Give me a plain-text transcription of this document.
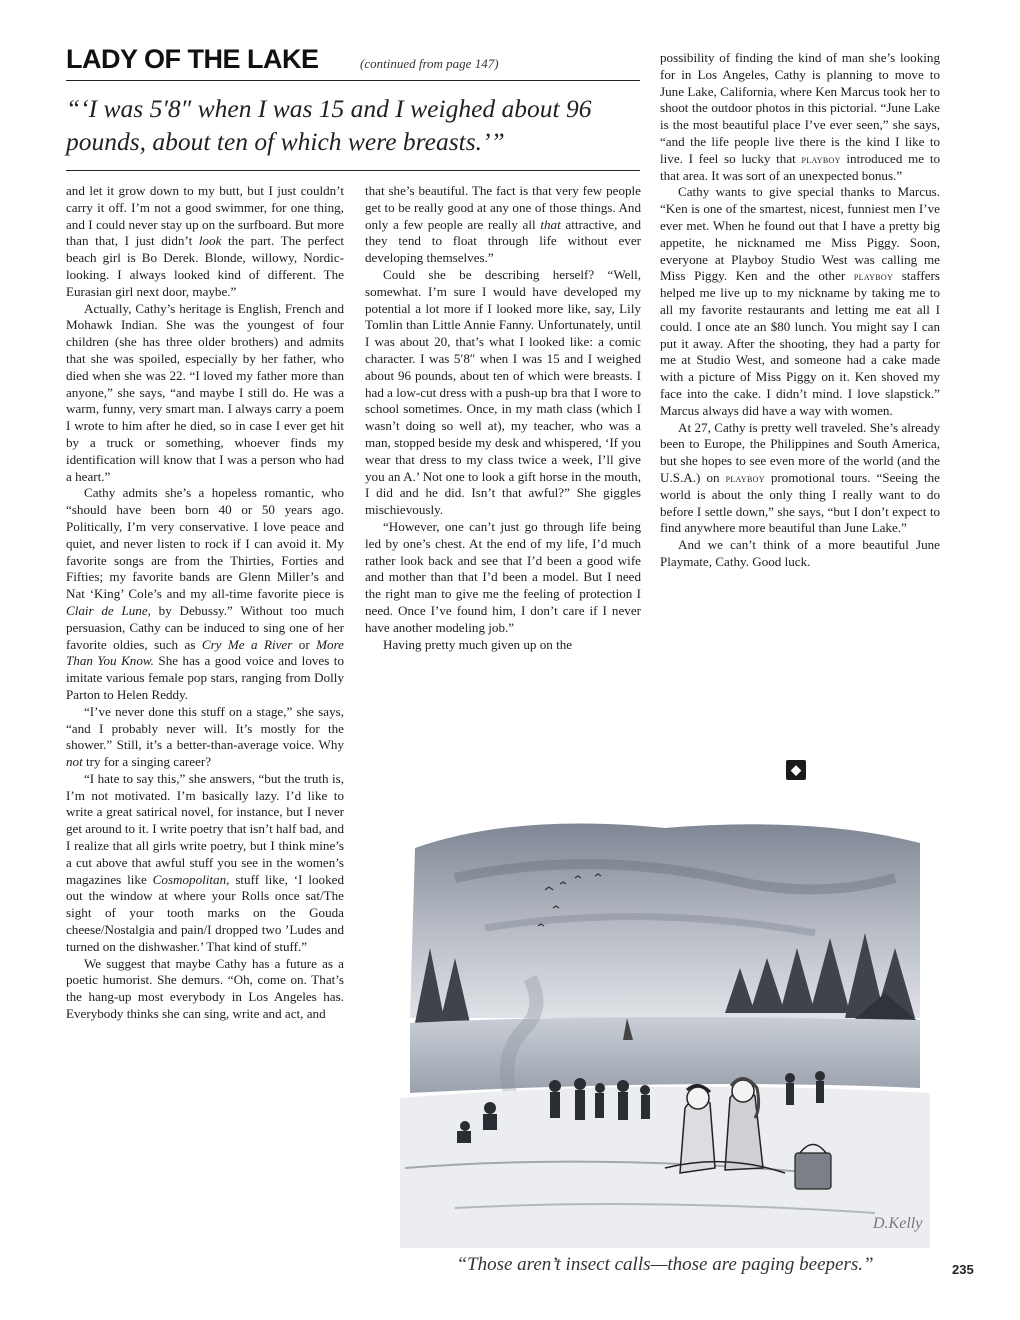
LADY OF THE LAKE	(continued from page 147)
“‘I was 5′8″ when I was 15 and I weighed about 96 pounds, about ten of which were breasts.’”

and let it grow down to my butt, but I just couldn’t carry it off. I’m not a good swimmer, for one thing, and I could never stay up on the surfboard. But more than that, I just didn’t look the part. The perfect beach girl is Bo Derek. Blonde, willowy, Nordic-looking. I always looked kind of different. The Eurasian girl next door, maybe.”

Actually, Cathy’s heritage is English, French and Mohawk Indian. She was the youngest of four children (she has three older brothers) and admits that she was spoiled, especially by her father, who died when she was 22. “I loved my father more than anyone,” she says, “and maybe I still do. He was a warm, funny, very smart man. I always carry a poem I wrote to him after he died, so in case I ever get hit by a truck or something, whoever finds my identification will know that I was a person who had a heart.”

Cathy admits she’s a hopeless romantic, who “should have been born 40 or 50 years ago. Politically, I’m very conservative. I love peace and quiet, and never listen to rock if I can avoid it. My favorite songs are from the Thirties, Forties and Fifties; my favorite bands are Glenn Miller’s and Nat ‘King’ Cole’s and my all-time favorite piece is Clair de Lune, by Debussy.” Without too much persuasion, Cathy can be induced to sing one of her favorite oldies, such as Cry Me a River or More Than You Know. She has a good voice and loves to imitate various female pop stars, ranging from Dolly Parton to Helen Reddy.

“I’ve never done this stuff on a stage,” she says, “and I probably never will. It’s mostly for the shower.” Still, it’s a better-than-average voice. Why not try for a singing career?

“I hate to say this,” she answers, “but the truth is, I’m not motivated. I’m basically lazy. I’d like to write a great satirical novel, for instance, but I never get around to it. I write poetry that isn’t half bad, and I realize that all girls write poetry, but I think mine’s a cut above that awful stuff you see in the women’s magazines like Cosmopolitan, stuff like, ‘I looked out the window at where your Rolls once sat/The sight of your tooth marks on the Gouda cheese/Nostalgia and pain/I dropped two ’Ludes and turned on the dishwasher.’ That kind of stuff.”

We suggest that maybe Cathy has a future as a poetic humorist. She demurs. “Oh, come on. That’s the hang-up most everybody in Los Angeles has. Everybody thinks she can sing, write and act, and

that she’s beautiful. The fact is that very few people get to be really good at any one of those things. And only a few people are really all that attractive, and they tend to float through life without ever developing themselves.”

Could she be describing herself? “Well, somewhat. I’m sure I would have developed my potential a lot more if I looked more like, say, Lily Tomlin than Little Annie Fanny. Unfortunately, until I was about 20, that’s what I looked like: a comic character. I was 5′8″ when I was 15 and I weighed about 96 pounds, about ten of which were breasts. I had a low-cut dress with a push-up bra that I wore to school sometimes. Once, in my math class (which I wasn’t doing so well at), my teacher, who was a man, stopped beside my desk and whispered, ‘If you wear that dress to my class twice a week, I’ll give you an A.’ Not one to look a gift horse in the mouth, I did and he did. Isn’t that awful?” She giggles mischievously.

“However, one can’t just go through life being led by one’s chest. At the end of my life, I’d much rather look back and see that I’d been a good wife and mother than that I’d been a model. But I need the right man to give me the feeling of protection I need. Once I’ve found him, I don’t care if I never have another modeling job.”

Having pretty much given up on the

possibility of finding the kind of man she’s looking for in Los Angeles, Cathy is planning to move to June Lake, California, where Ken Marcus took her to shoot the outdoor photos in this pictorial. “June Lake is the most beautiful place I’ve ever seen,” she says, “and the life people live there is the kind I like to live. I feel so lucky that playboy introduced me to that area. It was sort of an unexpected bonus.”

Cathy wants to give special thanks to Marcus. “Ken is one of the smartest, nicest, funniest men I’ve ever met. When he found out that I have a pretty big appetite, he nicknamed me Miss Piggy. Soon, everyone at Playboy Studio West was calling me Miss Piggy. Ken and the other playboy staffers helped me live up to my nickname by taking me to all my favorite restaurants and letting me eat all I could. I once ate an $80 lunch. You might say I can put it away. After the shooting, they had a party for me at Studio West, and someone had a cake made with a picture of Miss Piggy on it. Ken shoved my face into the cake. I didn’t mind. I love slapstick.” Marcus always did have a way with women.

At 27, Cathy is pretty well traveled. She’s already been to Europe, the Philippines and South America, but she hopes to see even more of the world (and the U.S.A.) on playboy promotional tours. “Seeing the world is about the only thing I really want to do before I settle down,” she says, “but I don’t expect to find anywhere more beautiful than June Lake.”

And we can’t think of a more beautiful June Playmate, Cathy. Good luck.

◆
D.Kelly
“Those aren’t insect calls—those are paging beepers.”	235
